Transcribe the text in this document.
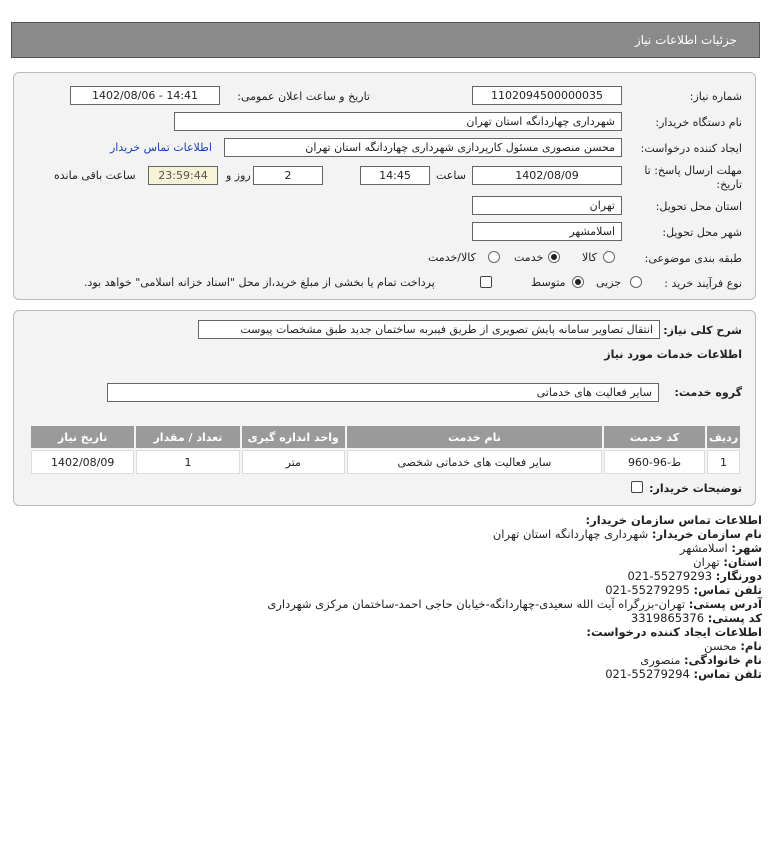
جزئیات اطلاعات نیاز
شماره نیاز:
1102094500000035
تاریخ و ساعت اعلان عمومی:
1402/08/06 - 14:41
نام دستگاه خریدار:
شهرداری چهاردانگه استان تهران
ایجاد کننده درخواست:
محسن منصوری مسئول کارپردازی شهرداری چهاردانگه استان تهران
اطلاعات تماس خریدار
مهلت ارسال پاسخ: تا
تاریخ:
1402/08/09
ساعت
14:45
2
روز و
23:59:44
ساعت باقی مانده
استان محل تحویل:
تهران
شهر محل تحویل:
اسلامشهر
طبقه بندی موضوعی:
کالا
خدمت
کالا/خدمت
نوع فرآیند خرید :
جزیی
متوسط
پرداخت تمام یا بخشی از مبلغ خرید،از محل "اسناد خزانه اسلامی" خواهد بود.
شرح کلی نیاز:
انتقال تصاویر سامانه پایش تصویری از طریق فیبربه ساختمان جدید طبق مشخصات پیوست
اطلاعات خدمات مورد نیاز
گروه خدمت:
سایر فعالیت های خدماتی
ردیف	کد خدمت	نام خدمت	واحد اندازه گیری	تعداد / مقدار	تاریخ نیاز
1	ط-96-960	سایر فعالیت های خدماتی شخصی	متر	1	1402/08/09
توضیحات خریدار:
اطلاعات تماس سازمان خریدار:
نام سازمان خریدار: شهرداری چهاردانگه استان تهران
شهر: اسلامشهر
استان: تهران
دورنگار: 021-55279293
تلفن تماس: 021-55279295
آدرس پستی: تهران-بزرگراه آیت الله سعیدی-چهاردانگه-خیابان حاجی احمد-ساختمان مرکزی شهرداری
کد پستی: 3319865376
اطلاعات ایجاد کننده درخواست:
نام: محسن
نام خانوادگی: منصوری
تلفن تماس: 021-55279294
